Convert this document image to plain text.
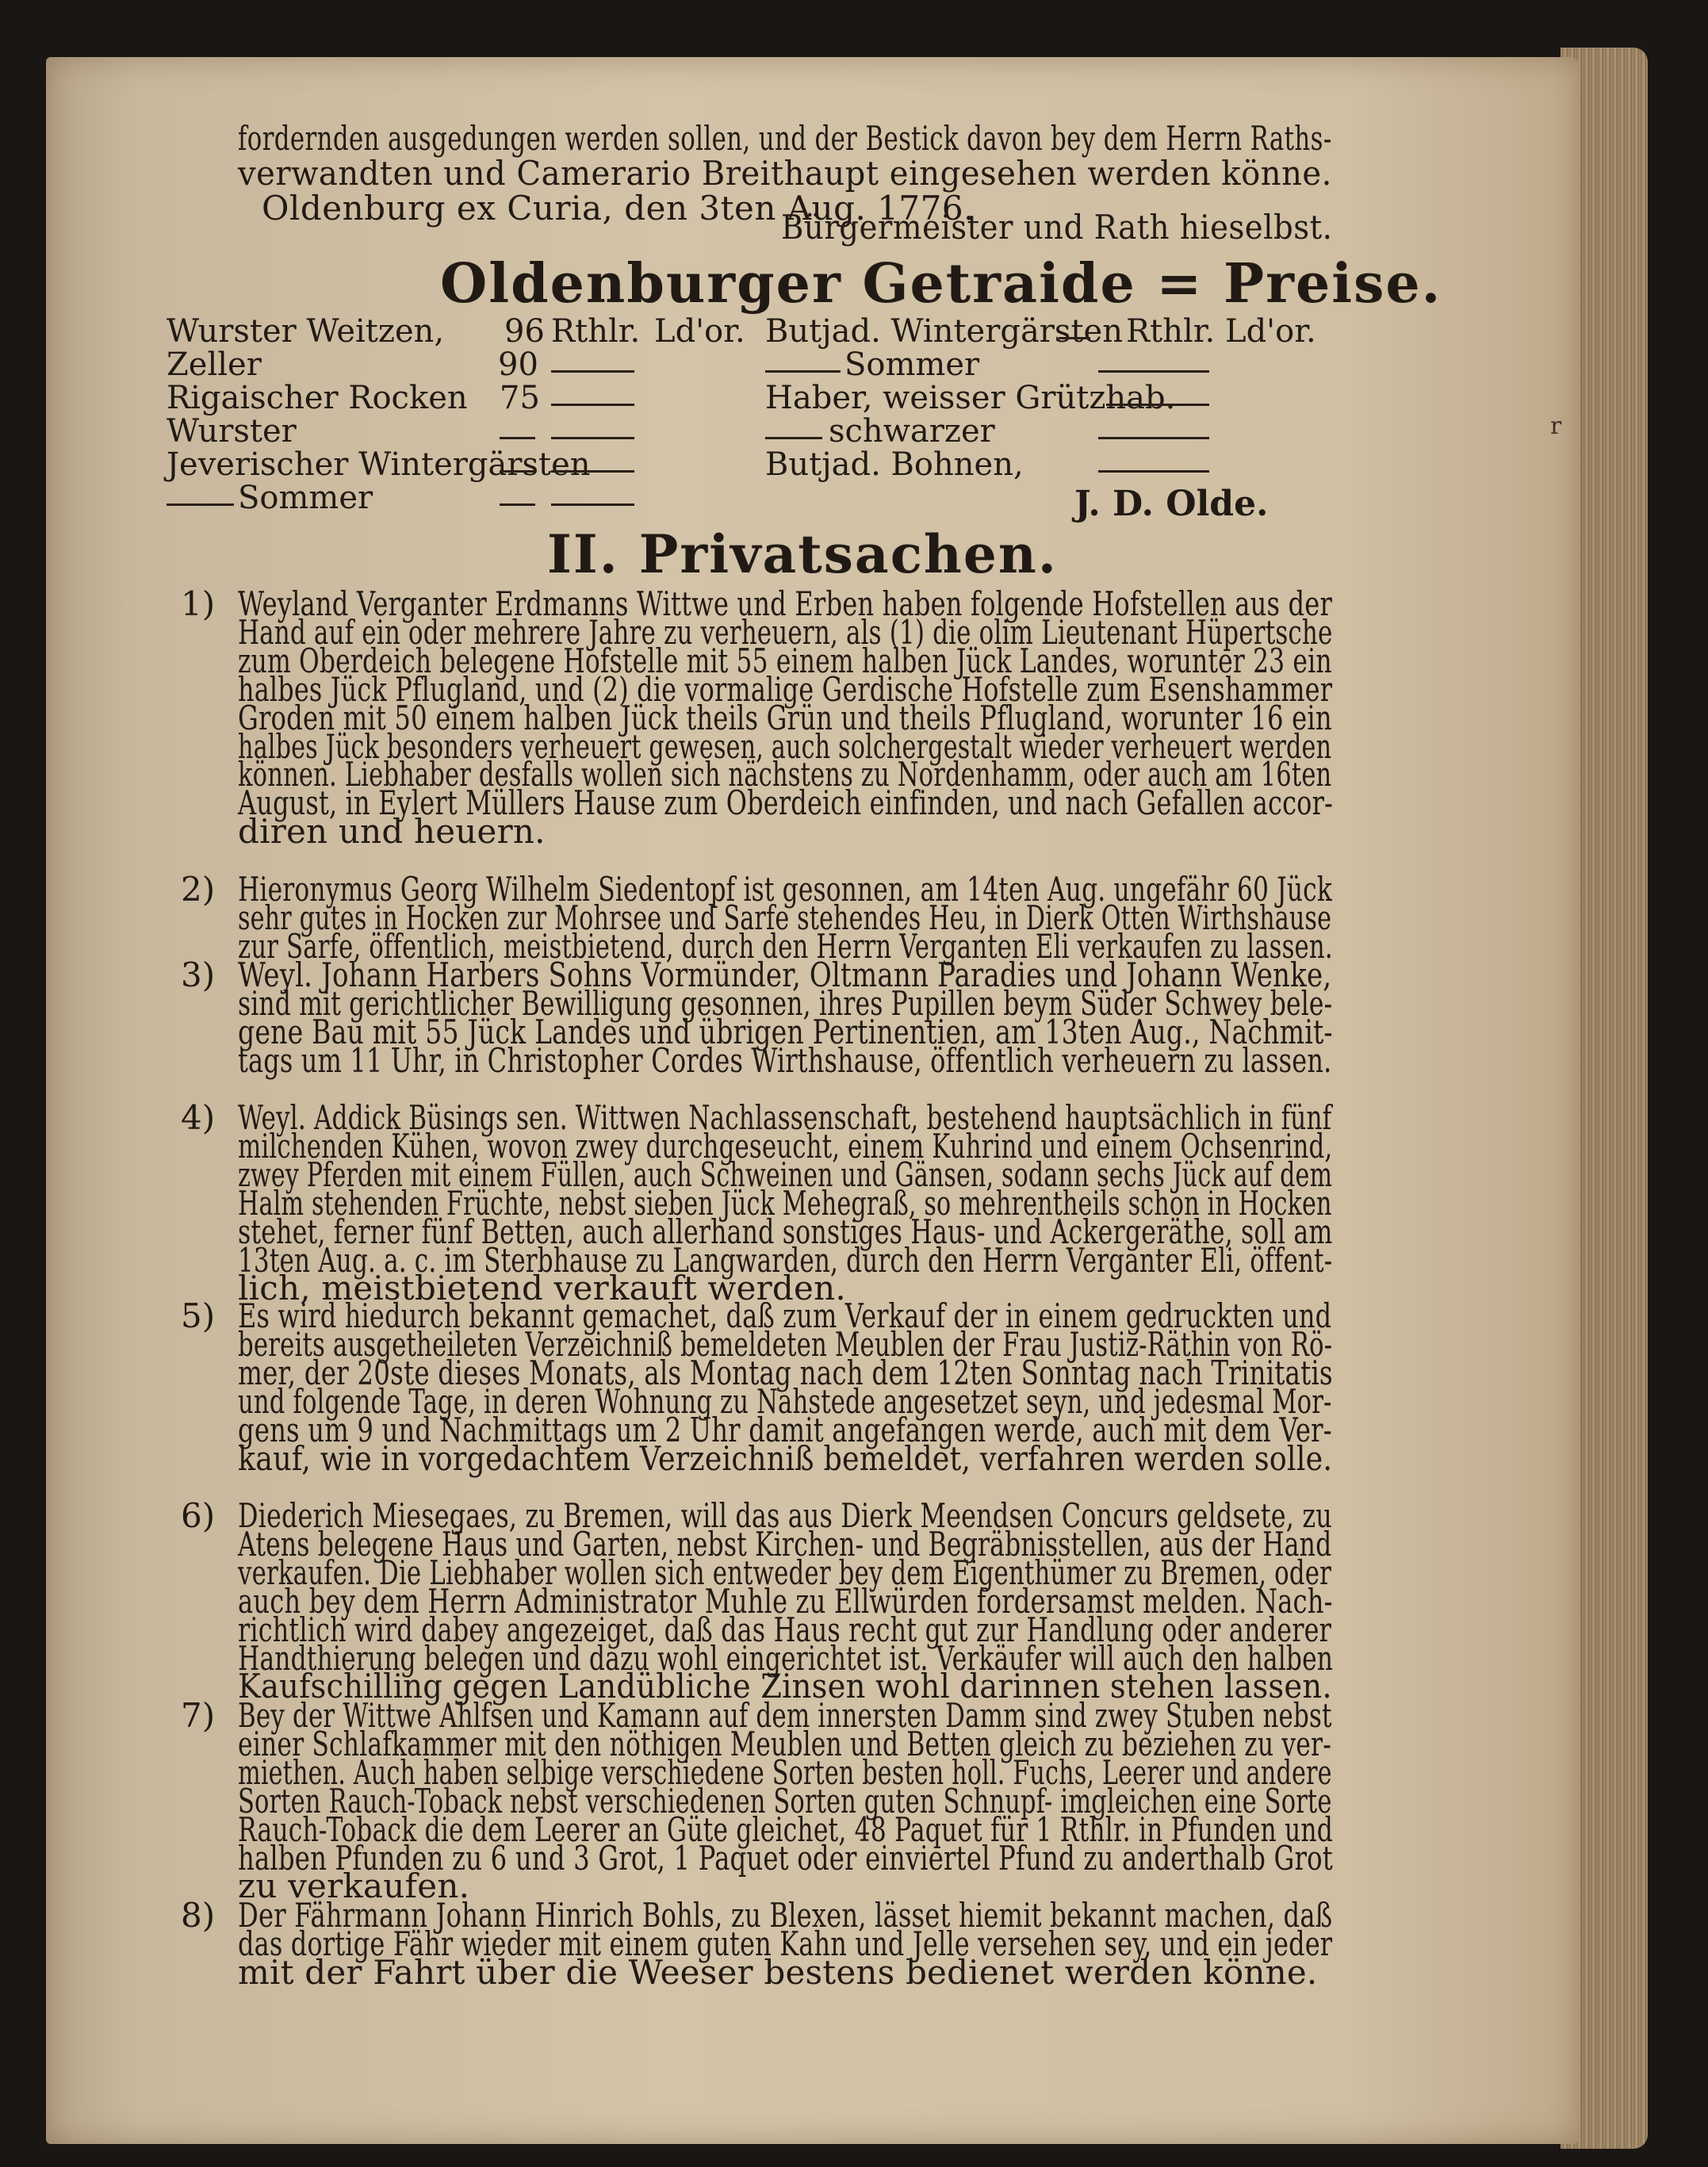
fordernden ausgedungen werden sollen, und der Bestick davon bey dem Herrn Raths-
verwandten und Camerario Breithaupt eingesehen werden könne.
Oldenburg ex Curia, den 3ten Aug. 1776.
Bürgermeister und Rath hieselbst.
Oldenburger Getraide = Preise.
Wurster Weitzen, 96 Rthlr. Ld'or.
Zeller	90
Rigaischer Rocken 75
Wurster
Jeverischer Wintergärsten
Sommer
Butjad. Wintergärsten Rthlr. Ld'or.
Sommer
Haber, weisser Grützhab.
schwarzer
Butjad. Bohnen,
J. D. Olde.
II. Privatsachen.
r
1) Weyland Verganter Erdmanns Wittwe und Erben haben folgende Hofstellen aus der
Hand auf ein oder mehrere Jahre zu verheuern, als (1) die olim Lieutenant Hüpertsche
zum Oberdeich belegene Hofstelle mit 55 einem halben Jück Landes, worunter 23 ein
halbes Jück Pflugland, und (2) die vormalige Gerdische Hofstelle zum Esenshammer
Groden mit 50 einem halben Jück theils Grün und theils Pflugland, worunter 16 ein
halbes Jück besonders verheuert gewesen, auch solchergestalt wieder verheuert werden
können. Liebhaber desfalls wollen sich nächstens zu Nordenhamm, oder auch am 16ten
August, in Eylert Müllers Hause zum Oberdeich einfinden, und nach Gefallen accor-
diren und heuern.
2) Hieronymus Georg Wilhelm Siedentopf ist gesonnen, am 14ten Aug. ungefähr 60 Jück
sehr gutes in Hocken zur Mohrsee und Sarfe stehendes Heu, in Dierk Otten Wirthshause
zur Sarfe, öffentlich, meistbietend, durch den Herrn Verganten Eli verkaufen zu lassen.
3) Weyl. Johann Harbers Sohns Vormünder, Oltmann Paradies und Johann Wenke,
sind mit gerichtlicher Bewilligung gesonnen, ihres Pupillen beym Süder Schwey bele-
gene Bau mit 55 Jück Landes und übrigen Pertinentien, am 13ten Aug., Nachmit-
tags um 11 Uhr, in Christopher Cordes Wirthshause, öffentlich verheuern zu lassen.
4) Weyl. Addick Büsings sen. Wittwen Nachlassenschaft, bestehend hauptsächlich in fünf
milchenden Kühen, wovon zwey durchgeseucht, einem Kuhrind und einem Ochsenrind,
zwey Pferden mit einem Füllen, auch Schweinen und Gänsen, sodann sechs Jück auf dem
Halm stehenden Früchte, nebst sieben Jück Mehegraß, so mehrentheils schon in Hocken
stehet, ferner fünf Betten, auch allerhand sonstiges Haus- und Ackergeräthe, soll am
13ten Aug. a. c. im Sterbhause zu Langwarden, durch den Herrn Verganter Eli, öffent-
lich, meistbietend verkauft werden.
5) Es wird hiedurch bekannt gemachet, daß zum Verkauf der in einem gedruckten und
bereits ausgetheileten Verzeichniß bemeldeten Meublen der Frau Justiz-Räthin von Rö-
mer, der 20ste dieses Monats, als Montag nach dem 12ten Sonntag nach Trinitatis
und folgende Tage, in deren Wohnung zu Nahstede angesetzet seyn, und jedesmal Mor-
gens um 9 und Nachmittags um 2 Uhr damit angefangen werde, auch mit dem Ver-
kauf, wie in vorgedachtem Verzeichniß bemeldet, verfahren werden solle.
6) Diederich Miesegaes, zu Bremen, will das aus Dierk Meendsen Concurs geldsete, zu
Atens belegene Haus und Garten, nebst Kirchen- und Begräbnisstellen, aus der Hand
verkaufen. Die Liebhaber wollen sich entweder bey dem Eigenthümer zu Bremen, oder
auch bey dem Herrn Administrator Muhle zu Ellwürden fordersamst melden. Nach-
richtlich wird dabey angezeiget, daß das Haus recht gut zur Handlung oder anderer
Handthierung belegen und dazu wohl eingerichtet ist. Verkäufer will auch den halben
Kaufschilling gegen Landübliche Zinsen wohl darinnen stehen lassen.
7) Bey der Wittwe Ahlfsen und Kamann auf dem innersten Damm sind zwey Stuben nebst
einer Schlafkammer mit den nöthigen Meublen und Betten gleich zu beziehen zu ver-
miethen. Auch haben selbige verschiedene Sorten besten holl. Fuchs, Leerer und andere
Sorten Rauch-Toback nebst verschiedenen Sorten guten Schnupf- imgleichen eine Sorte
Rauch-Toback die dem Leerer an Güte gleichet, 48 Paquet für 1 Rthlr. in Pfunden und
halben Pfunden zu 6 und 3 Grot, 1 Paquet oder einviertel Pfund zu anderthalb Grot
zu verkaufen.
8) Der Fährmann Johann Hinrich Bohls, zu Blexen, lässet hiemit bekannt machen, daß
das dortige Fähr wieder mit einem guten Kahn und Jelle versehen sey, und ein jeder
mit der Fahrt über die Weeser bestens bedienet werden könne.
